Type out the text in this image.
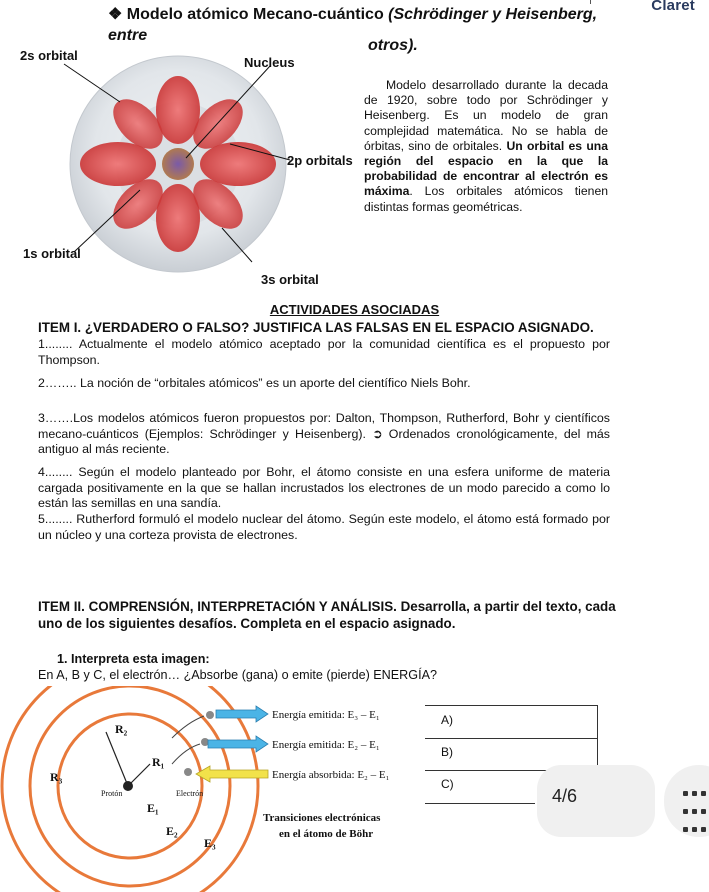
Claret
❖ Modelo atómico Mecano-cuántico (Schrödinger y Heisenberg, entre
otros).
2s orbital	Nucleus
2p orbitals
1s orbital
3s orbital
Modelo desarrollado durante la decada de 1920, sobre todo por Schrödinger y Heisenberg. Es un modelo de gran complejidad matemática. No se habla de órbitas, sino de orbitales. Un orbital es una región del espacio en la que la probabilidad de encontrar al electrón es máxima. Los orbitales atómicos tienen distintas formas geométricas.
ACTIVIDADES ASOCIADAS
ITEM I. ¿VERDADERO O FALSO? JUSTIFICA LAS FALSAS EN EL ESPACIO ASIGNADO.
1........ Actualmente el modelo atómico aceptado por la comunidad científica es el propuesto por Thompson.
2…….. La noción de “orbitales atómicos” es un aporte del científico Niels Bohr.
3…….Los modelos atómicos fueron propuestos por: Dalton, Thompson, Rutherford, Bohr y científicos mecano-cuánticos (Ejemplos: Schrödinger y Heisenberg). ➲ Ordenados cronológicamente, del más antiguo al más reciente.
4........ Según el modelo planteado por Bohr, el átomo consiste en una esfera uniforme de materia cargada positivamente en la que se hallan incrustados los electrones de un modo parecido a como lo están las semillas en una sandía.
5........ Rutherford formuló el modelo nuclear del átomo. Según este modelo, el átomo está formado por un núcleo y una corteza provista de electrones.
ITEM II. COMPRENSIÓN, INTERPRETACIÓN Y ANÁLISIS. Desarrolla, a partir del texto, cada uno de los siguientes desafíos. Completa en el espacio asignado.
1. Interpreta esta imagen:
En A, B y C, el electrón… ¿Absorbe (gana) o emite (pierde) ENERGÍA?
R₂
R₁
R₃
Protón	Electrón
E₁
E₂
E₃
Energía emitida: E₃ – E₁
Energía emitida: E₂ – E₁
Energía absorbida: E₂ – E₁
Transiciones electrónicas
en el átomo de Böhr
A)
B)
C)
4/6
